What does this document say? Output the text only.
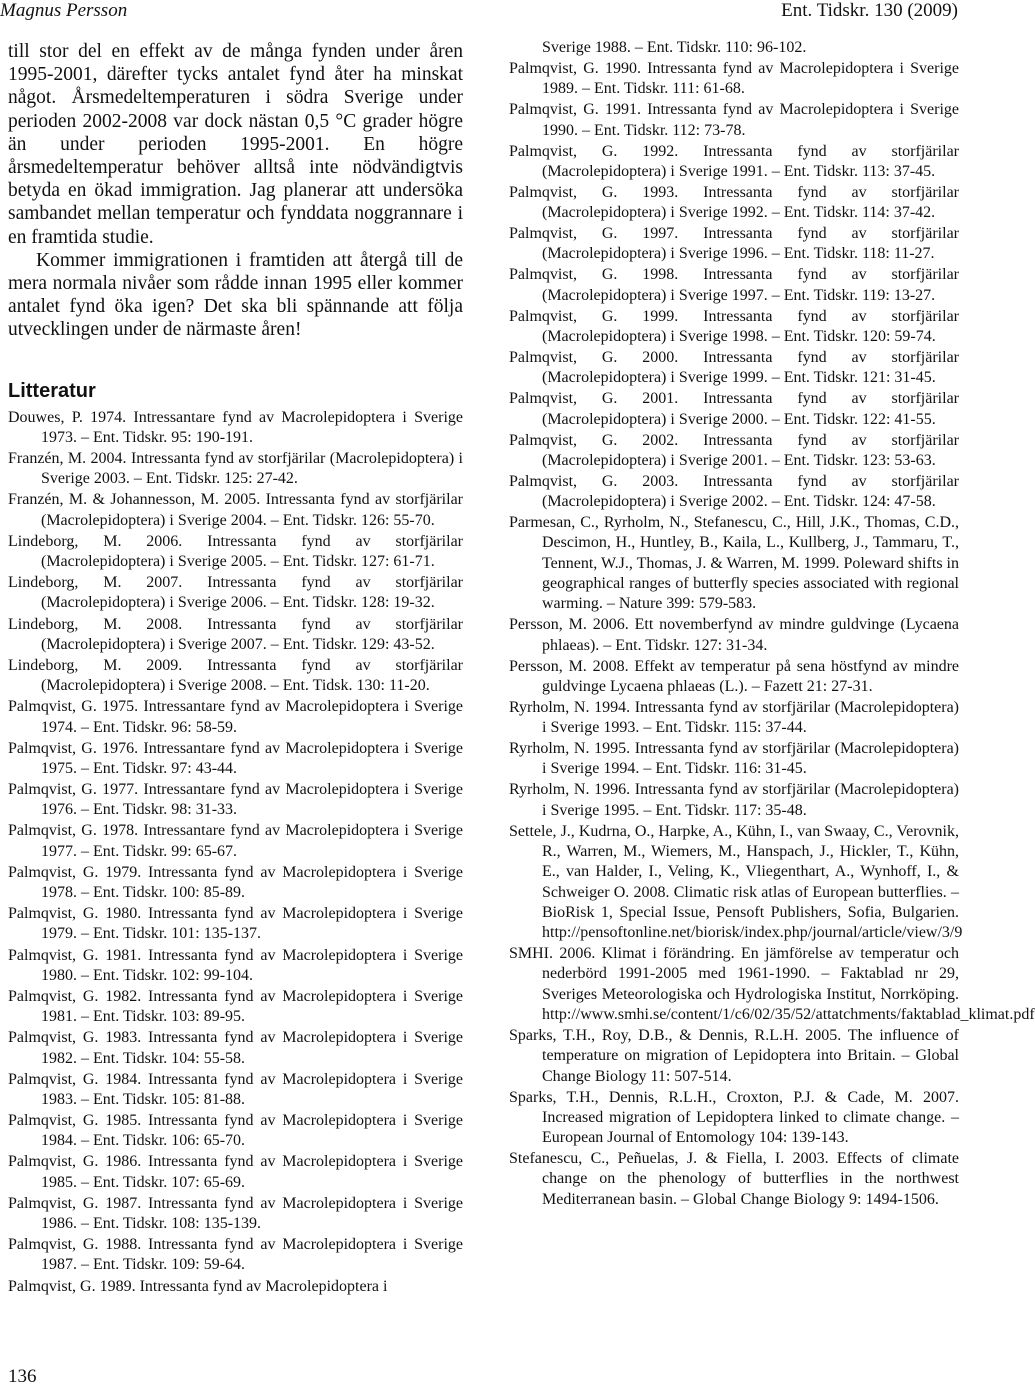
Magnus Persson	Ent. Tidskr. 130 (2009)

till stor del en effekt av de många fynden under åren 1995-2001, därefter tycks antalet fynd åter ha minskat något. Årsmedeltemperaturen i södra Sverige under perioden 2002-2008 var dock nästan 0,5 °C grader högre än under perioden 1995-2001. En högre årsmedeltemperatur behöver alltså inte nödvändigtvis betyda en ökad immigration. Jag planerar att undersöka sambandet mellan temperatur och fynddata noggrannare i en framtida studie.

Kommer immigrationen i framtiden att återgå till de mera normala nivåer som rådde innan 1995 eller kommer antalet fynd öka igen? Det ska bli spännande att följa utvecklingen under de närmaste åren!

Litteratur
Douwes, P. 1974. Intressantare fynd av Macrolepidoptera i Sverige 1973. – Ent. Tidskr. 95: 190-191.
Franzén, M. 2004. Intressanta fynd av storfjärilar (Macrolepidoptera) i Sverige 2003. – Ent. Tidskr. 125: 27-42.
Franzén, M. & Johannesson, M. 2005. Intressanta fynd av storfjärilar (Macrolepidoptera) i Sverige 2004. – Ent. Tidskr. 126: 55-70.
Lindeborg, M. 2006. Intressanta fynd av storfjärilar (Macrolepidoptera) i Sverige 2005. – Ent. Tidskr. 127: 61-71.
Lindeborg, M. 2007. Intressanta fynd av storfjärilar (Macrolepidoptera) i Sverige 2006. – Ent. Tidskr. 128: 19-32.
Lindeborg, M. 2008. Intressanta fynd av storfjärilar (Macrolepidoptera) i Sverige 2007. – Ent. Tidskr. 129: 43-52.
Lindeborg, M. 2009. Intressanta fynd av storfjärilar (Macrolepidoptera) i Sverige 2008. – Ent. Tidsk. 130: 11-20.
Palmqvist, G. 1975. Intressantare fynd av Macrolepidoptera i Sverige 1974. – Ent. Tidskr. 96: 58-59.
Palmqvist, G. 1976. Intressantare fynd av Macrolepidoptera i Sverige 1975. – Ent. Tidskr. 97: 43-44.
Palmqvist, G. 1977. Intressantare fynd av Macrolepidoptera i Sverige 1976. – Ent. Tidskr. 98: 31-33.
Palmqvist, G. 1978. Intressantare fynd av Macrolepidoptera i Sverige 1977. – Ent. Tidskr. 99: 65-67.
Palmqvist, G. 1979. Intressanta fynd av Macrolepidoptera i Sverige 1978. – Ent. Tidskr. 100: 85-89.
Palmqvist, G. 1980. Intressanta fynd av Macrolepidoptera i Sverige 1979. – Ent. Tidskr. 101: 135-137.
Palmqvist, G. 1981. Intressanta fynd av Macrolepidoptera i Sverige 1980. – Ent. Tidskr. 102: 99-104.
Palmqvist, G. 1982. Intressanta fynd av Macrolepidoptera i Sverige 1981. – Ent. Tidskr. 103: 89-95.
Palmqvist, G. 1983. Intressanta fynd av Macrolepidoptera i Sverige 1982. – Ent. Tidskr. 104: 55-58.
Palmqvist, G. 1984. Intressanta fynd av Macrolepidoptera i Sverige 1983. – Ent. Tidskr. 105: 81-88.
Palmqvist, G. 1985. Intressanta fynd av Macrolepidoptera i Sverige 1984. – Ent. Tidskr. 106: 65-70.
Palmqvist, G. 1986. Intressanta fynd av Macrolepidoptera i Sverige 1985. – Ent. Tidskr. 107: 65-69.
Palmqvist, G. 1987. Intressanta fynd av Macrolepidoptera i Sverige 1986. – Ent. Tidskr. 108: 135-139.
Palmqvist, G. 1988. Intressanta fynd av Macrolepidoptera i Sverige 1987. – Ent. Tidskr. 109: 59-64.
Palmqvist, G. 1989. Intressanta fynd av Macrolepidoptera i
Sverige 1988. – Ent. Tidskr. 110: 96-102.
Palmqvist, G. 1990. Intressanta fynd av Macrolepidoptera i Sverige 1989. – Ent. Tidskr. 111: 61-68.
Palmqvist, G. 1991. Intressanta fynd av Macrolepidoptera i Sverige 1990. – Ent. Tidskr. 112: 73-78.
Palmqvist, G. 1992. Intressanta fynd av storfjärilar (Macrolepidoptera) i Sverige 1991. – Ent. Tidskr. 113: 37-45.
Palmqvist, G. 1993. Intressanta fynd av storfjärilar (Macrolepidoptera) i Sverige 1992. – Ent. Tidskr. 114: 37-42.
Palmqvist, G. 1997. Intressanta fynd av storfjärilar (Macrolepidoptera) i Sverige 1996. – Ent. Tidskr. 118: 11-27.
Palmqvist, G. 1998. Intressanta fynd av storfjärilar (Macrolepidoptera) i Sverige 1997. – Ent. Tidskr. 119: 13-27.
Palmqvist, G. 1999. Intressanta fynd av storfjärilar (Macrolepidoptera) i Sverige 1998. – Ent. Tidskr. 120: 59-74.
Palmqvist, G. 2000. Intressanta fynd av storfjärilar (Macrolepidoptera) i Sverige 1999. – Ent. Tidskr. 121: 31-45.
Palmqvist, G. 2001. Intressanta fynd av storfjärilar (Macrolepidoptera) i Sverige 2000. – Ent. Tidskr. 122: 41-55.
Palmqvist, G. 2002. Intressanta fynd av storfjärilar (Macrolepidoptera) i Sverige 2001. – Ent. Tidskr. 123: 53-63.
Palmqvist, G. 2003. Intressanta fynd av storfjärilar (Macrolepidoptera) i Sverige 2002. – Ent. Tidskr. 124: 47-58.
Parmesan, C., Ryrholm, N., Stefanescu, C., Hill, J.K., Thomas, C.D., Descimon, H., Huntley, B., Kaila, L., Kullberg, J., Tammaru, T., Tennent, W.J., Thomas, J. & Warren, M. 1999. Poleward shifts in geographical ranges of butterfly species associated with regional warming. – Nature 399: 579-583.
Persson, M. 2006. Ett novemberfynd av mindre guldvinge (Lycaena phlaeas). – Ent. Tidskr. 127: 31-34.
Persson, M. 2008. Effekt av temperatur på sena höstfynd av mindre guldvinge Lycaena phlaeas (L.). – Fazett 21: 27-31.
Ryrholm, N. 1994. Intressanta fynd av storfjärilar (Macrolepidoptera) i Sverige 1993. – Ent. Tidskr. 115: 37-44.
Ryrholm, N. 1995. Intressanta fynd av storfjärilar (Macrolepidoptera) i Sverige 1994. – Ent. Tidskr. 116: 31-45.
Ryrholm, N. 1996. Intressanta fynd av storfjärilar (Macrolepidoptera) i Sverige 1995. – Ent. Tidskr. 117: 35-48.
Settele, J., Kudrna, O., Harpke, A., Kühn, I., van Swaay, C., Verovnik, R., Warren, M., Wiemers, M., Hanspach, J., Hickler, T., Kühn, E., van Halder, I., Veling, K., Vliegenthart, A., Wynhoff, I., & Schweiger O. 2008. Climatic risk atlas of European butterflies. – BioRisk 1, Special Issue, Pensoft Publishers, Sofia, Bulgarien. http://pensoftonline.net/biorisk/index.php/journal/article/view/3/9
SMHI. 2006. Klimat i förändring. En jämförelse av temperatur och nederbörd 1991-2005 med 1961-1990. – Faktablad nr 29, Sveriges Meteorologiska och Hydrologiska Institut, Norrköping. http://www.smhi.se/content/1/c6/02/35/52/attatchments/faktablad_klimat.pdf
Sparks, T.H., Roy, D.B., & Dennis, R.L.H. 2005. The influence of temperature on migration of Lepidoptera into Britain. – Global Change Biology 11: 507-514.
Sparks, T.H., Dennis, R.L.H., Croxton, P.J. & Cade, M. 2007. Increased migration of Lepidoptera linked to climate change. – European Journal of Entomology 104: 139-143.
Stefanescu, C., Peñuelas, J. & Fiella, I. 2003. Effects of climate change on the phenology of butterflies in the northwest Mediterranean basin. – Global Change Biology 9: 1494-1506.
136
